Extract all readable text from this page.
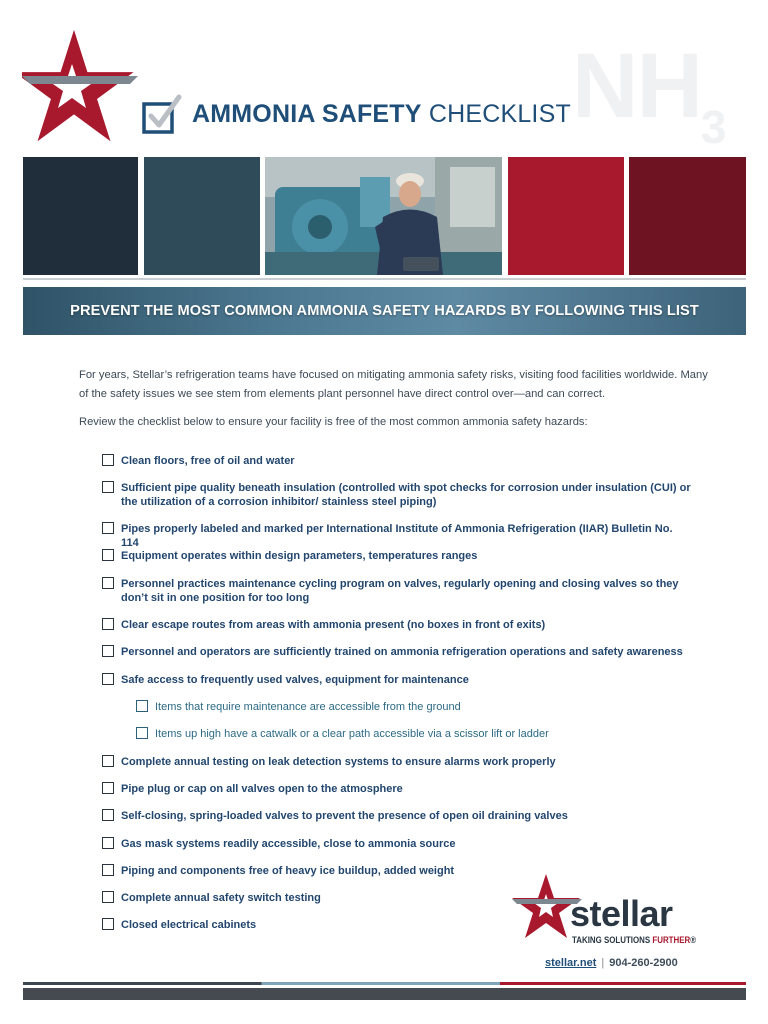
AMMONIA SAFETY CHECKLIST $NH_3$
PREVENT THE MOST COMMON AMMONIA SAFETY HAZARDS BY FOLLOWING THIS LIST
For years, Stellar’s refrigeration teams have focused on mitigating ammonia safety risks, visiting food facilities worldwide. Many of the safety issues we see stem from elements plant personnel have direct control over—and can correct.
Review the checklist below to ensure your facility is free of the most common ammonia safety hazards:
Clean floors, free of oil and water
Sufficient pipe quality beneath insulation (controlled with spot checks for corrosion under insulation (CUI) or the utilization of a corrosion inhibitor/ stainless steel piping)
Pipes properly labeled and marked per International Institute of Ammonia Refrigeration (IIAR) Bulletin No. 114
Equipment operates within design parameters, temperatures ranges
Personnel practices maintenance cycling program on valves, regularly opening and closing valves so they don’t sit in one position for too long
Clear escape routes from areas with ammonia present (no boxes in front of exits)
Personnel and operators are sufficiently trained on ammonia refrigeration operations and safety awareness
Safe access to frequently used valves, equipment for maintenance
Items that require maintenance are accessible from the ground
Items up high have a catwalk or a clear path accessible via a scissor lift or ladder
Complete annual testing on leak detection systems to ensure alarms work properly
Pipe plug or cap on all valves open to the atmosphere
Self-closing, spring-loaded valves to prevent the presence of open oil draining valves
Gas mask systems readily accessible, close to ammonia source
Piping and components free of heavy ice buildup, added weight
Complete annual safety switch testing
Closed electrical cabinets	stellar
TAKING SOLUTIONS FURTHER®
stellar.net | 904-260-2900
